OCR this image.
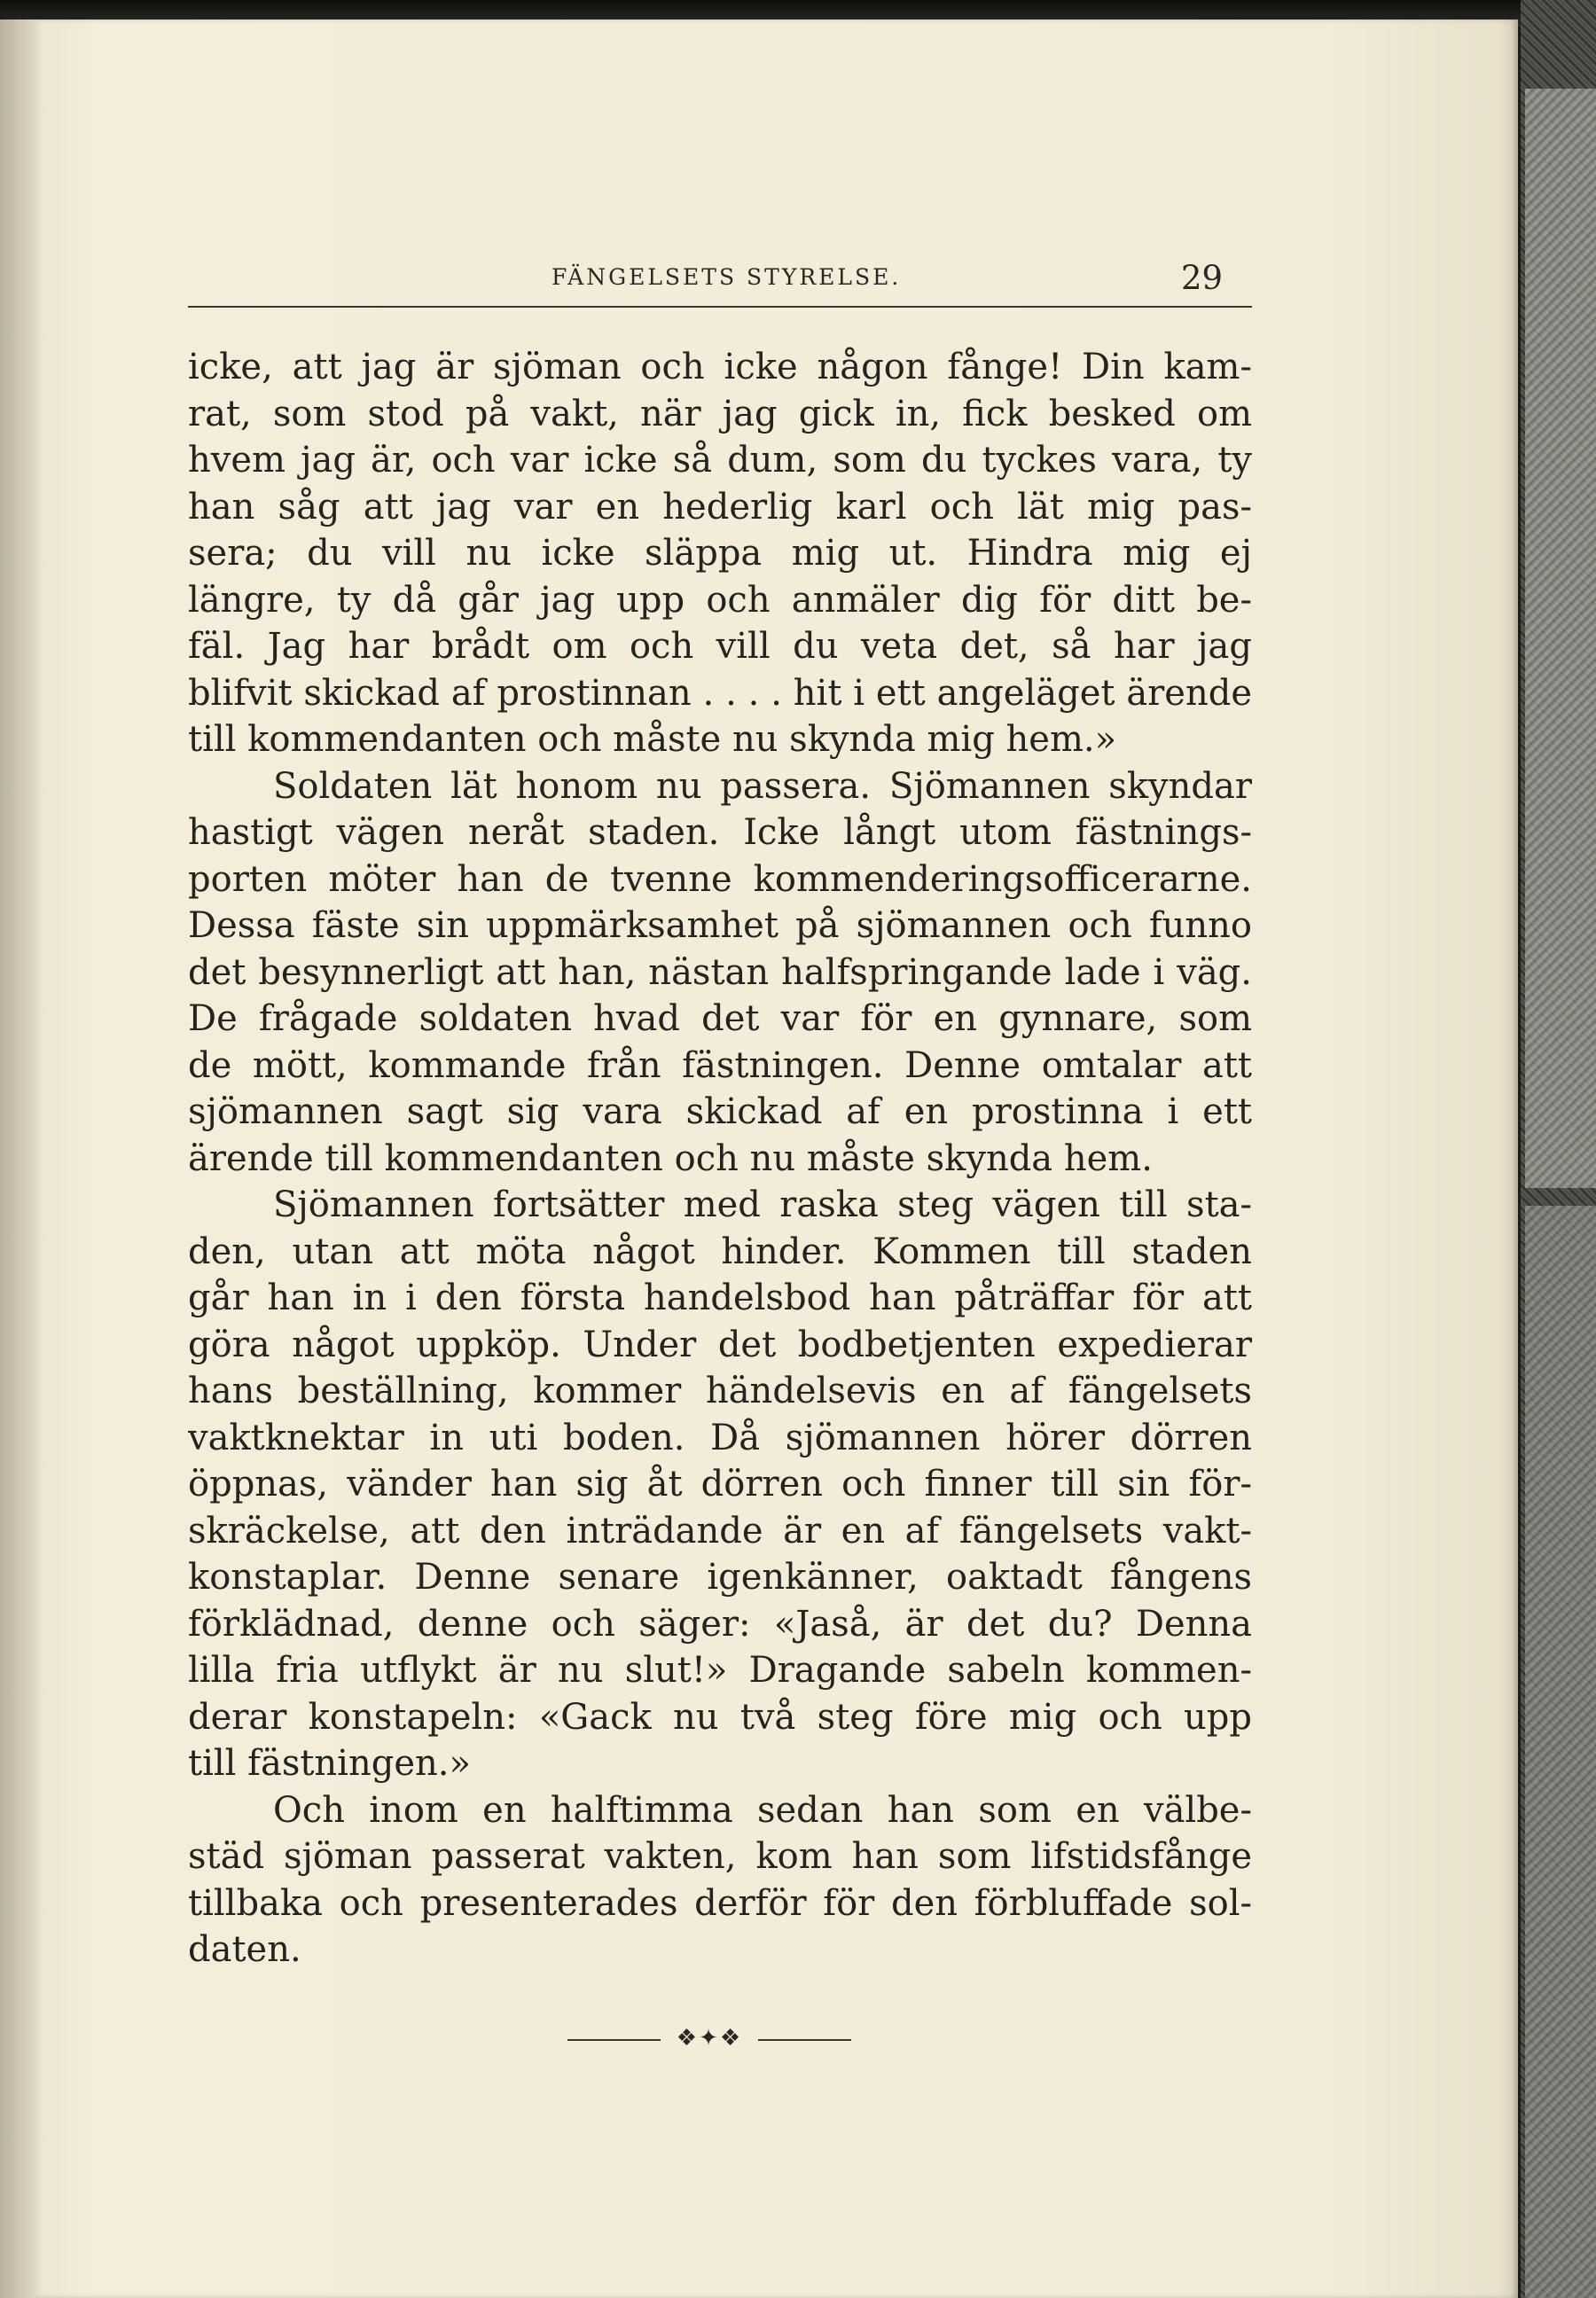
FÄNGELSETS STYRELSE.	29
icke, att jag är sjöman och icke någon fånge! Din kam-
rat, som stod på vakt, när jag gick in, fick besked om
hvem jag är, och var icke så dum, som du tyckes vara, ty
han såg att jag var en hederlig karl och lät mig pas-
sera; du vill nu icke släppa mig ut. Hindra mig ej
längre, ty då går jag upp och anmäler dig för ditt be-
fäl. Jag har brådt om och vill du veta det, så har jag
blifvit skickad af prostinnan . . . . hit i ett angeläget ärende
till kommendanten och måste nu skynda mig hem.»
Soldaten lät honom nu passera. Sjömannen skyndar
hastigt vägen neråt staden. Icke långt utom fästnings-
porten möter han de tvenne kommenderingsofficerarne.
Dessa fäste sin uppmärksamhet på sjömannen och funno
det besynnerligt att han, nästan halfspringande lade i väg.
De frågade soldaten hvad det var för en gynnare, som
de mött, kommande från fästningen. Denne omtalar att
sjömannen sagt sig vara skickad af en prostinna i ett
ärende till kommendanten och nu måste skynda hem.
Sjömannen fortsätter med raska steg vägen till sta-
den, utan att möta något hinder. Kommen till staden
går han in i den första handelsbod han påträffar för att
göra något uppköp. Under det bodbetjenten expedierar
hans beställning, kommer händelsevis en af fängelsets
vaktknektar in uti boden. Då sjömannen hörer dörren
öppnas, vänder han sig åt dörren och finner till sin för-
skräckelse, att den inträdande är en af fängelsets vakt-
konstaplar. Denne senare igenkänner, oaktadt fångens
förklädnad, denne och säger: «Jaså, är det du? Denna
lilla fria utflykt är nu slut!» Dragande sabeln kommen-
derar konstapeln: «Gack nu två steg före mig och upp
till fästningen.»
Och inom en halftimma sedan han som en välbe-
städ sjöman passerat vakten, kom han som lifstidsfånge
tillbaka och presenterades derför för den förbluffade sol-
daten.
❖✦❖
